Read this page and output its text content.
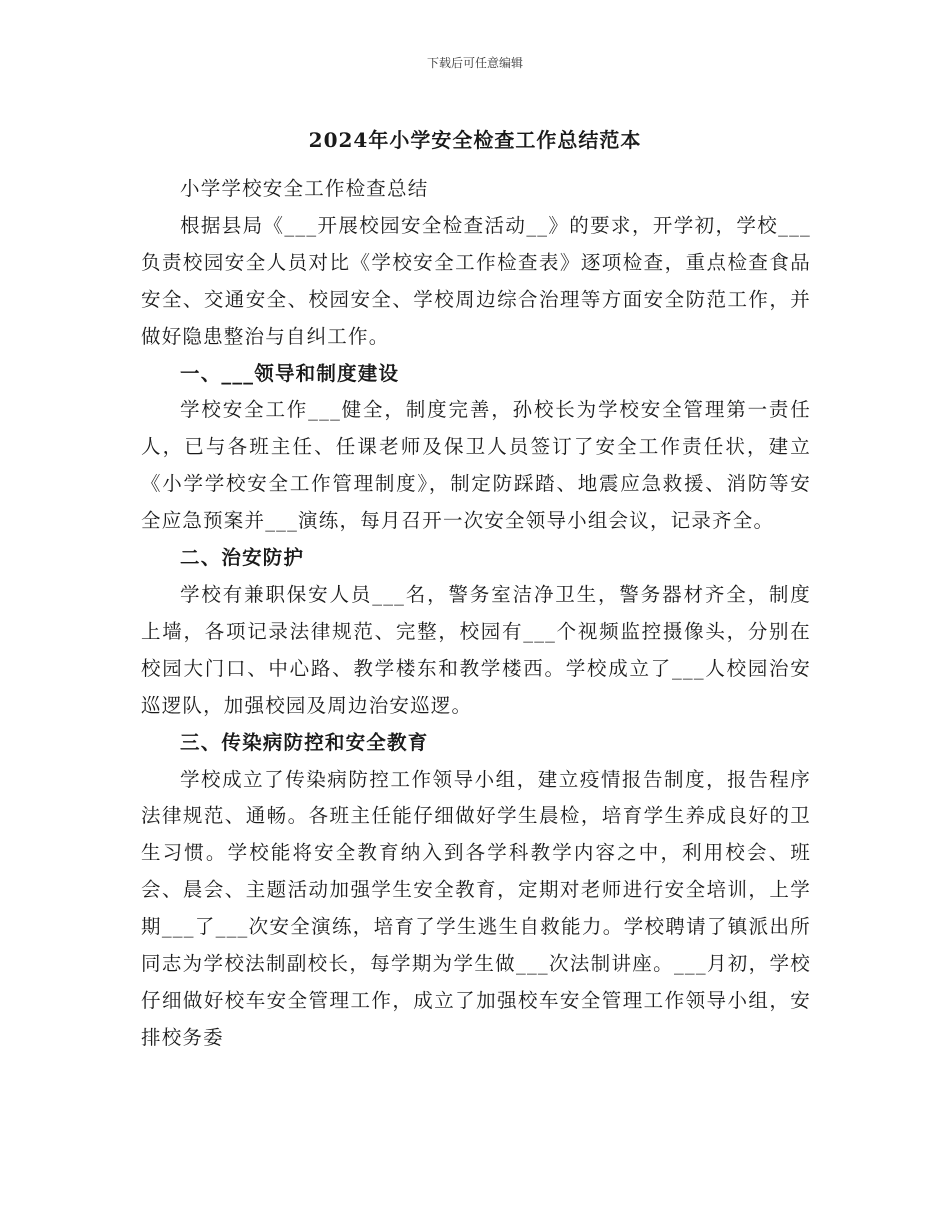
下载后可任意编辑
2024年小学安全检查工作总结范本

小学学校安全工作检查总结

根据县局《___开展校园安全检查活动__》的要求，开学初，学校___负责校园安全人员对比《学校安全工作检查表》逐项检查，重点检查食品安全、交通安全、校园安全、学校周边综合治理等方面安全防范工作，并做好隐患整治与自纠工作。

一、___领导和制度建设

学校安全工作___健全，制度完善，孙校长为学校安全管理第一责任人，已与各班主任、任课老师及保卫人员签订了安全工作责任状，建立《小学学校安全工作管理制度》，制定防踩踏、地震应急救援、消防等安全应急预案并___演练，每月召开一次安全领导小组会议，记录齐全。

二、治安防护

学校有兼职保安人员___名，警务室洁净卫生，警务器材齐全，制度上墙，各项记录法律规范、完整，校园有___个视频监控摄像头，分别在校园大门口、中心路、教学楼东和教学楼西。学校成立了___人校园治安巡逻队，加强校园及周边治安巡逻。

三、传染病防控和安全教育

学校成立了传染病防控工作领导小组，建立疫情报告制度，报告程序法律规范、通畅。各班主任能仔细做好学生晨检，培育学生养成良好的卫生习惯。学校能将安全教育纳入到各学科教学内容之中，利用校会、班会、晨会、主题活动加强学生安全教育，定期对老师进行安全培训，上学期___了___次安全演练，培育了学生逃生自救能力。学校聘请了镇派出所同志为学校法制副校长，每学期为学生做___次法制讲座。___月初，学校仔细做好校车安全管理工作，成立了加强校车安全管理工作领导小组，安排校务委
